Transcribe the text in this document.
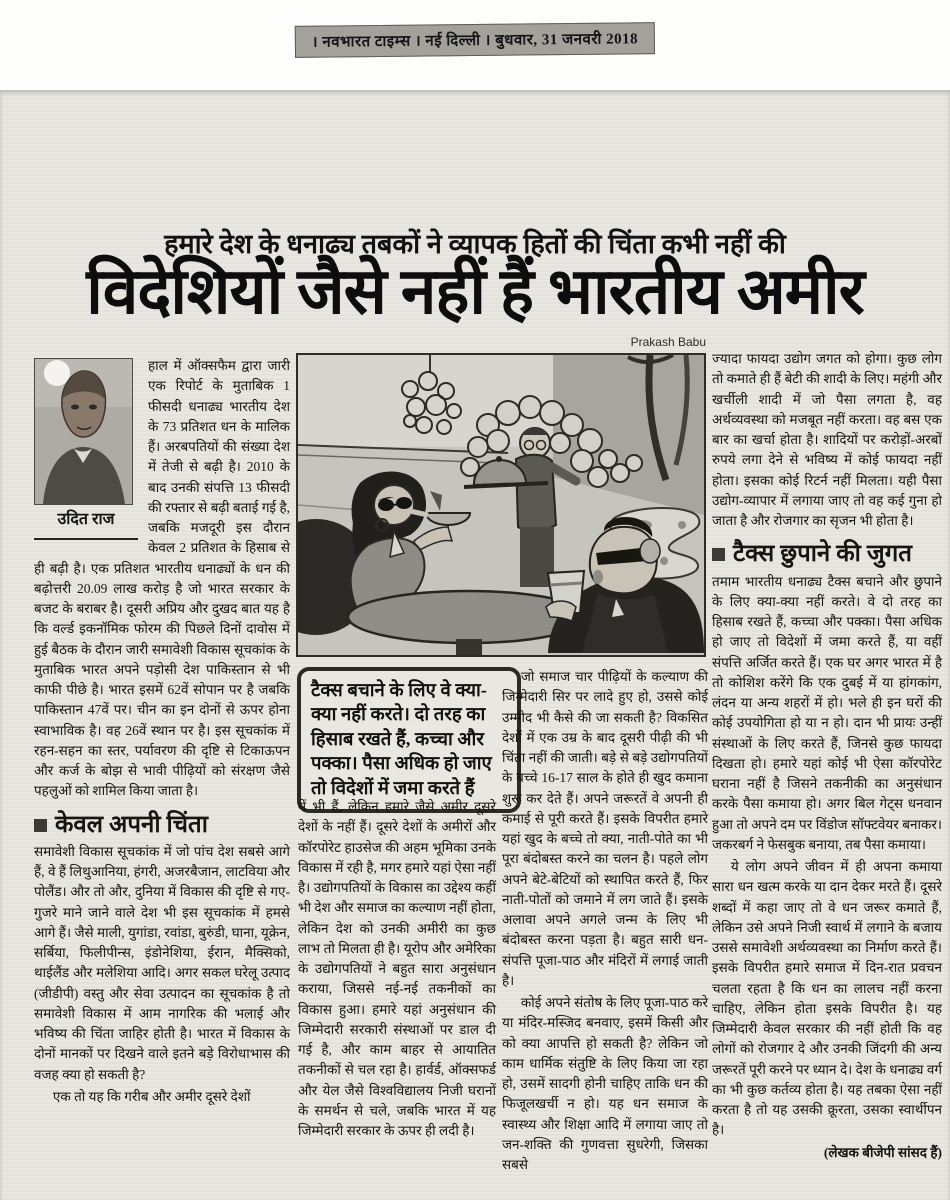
। नवभारत टाइम्स । नई दिल्ली । बुधवार, 31 जनवरी 2018
हमारे देश के धनाढ्य तबकों ने व्यापक हितों की चिंता कभी नहीं की
विदेशियों जैसे नहीं हैं भारतीय अमीर
Prakash Babu
उदित राज

हाल में ऑक्सफैम द्वारा जारी एक रिपोर्ट के मुताबिक 1 फीसदी धनाढ्य भारतीय देश के 73 प्रतिशत धन के मालिक हैं। अरबपतियों की संख्या देश में तेजी से बढ़ी है। 2010 के बाद उनकी संपत्ति 13 फीसदी की रफ्तार से बढ़ी बताई गई है, जबकि मजदूरी इस दौरान केवल 2 प्रतिशत के हिसाब से ही बढ़ी है। एक प्रतिशत भारतीय धनाढ्यों के धन की बढ़ोत्तरी 20.09 लाख करोड़ है जो भारत सरकार के बजट के बराबर है। दूसरी अप्रिय और दुखद बात यह है कि वर्ल्ड इकनॉमिक फोरम की पिछले दिनों दावोस में हुई बैठक के दौरान जारी समावेशी विकास सूचकांक के मुताबिक भारत अपने पड़ोसी देश पाकिस्तान से भी काफी पीछे है। भारत इसमें 62वें सोपान पर है जबकि पाकिस्तान 47वें पर। चीन का इन दोनों से ऊपर होना स्वाभाविक है। वह 26वें स्थान पर है। इस सूचकांक में रहन-सहन का स्तर, पर्यावरण की दृष्टि से टिकाऊपन और कर्ज के बोझ से भावी पीढ़ियों को संरक्षण जैसे पहलुओं को शामिल किया जाता है।

केवल अपनी चिंता

समावेशी विकास सूचकांक में जो पांच देश सबसे आगे हैं, वे हैं लिथुआनिया, हंगरी, अजरबैजान, लाटविया और पोलैंड। और तो और, दुनिया में विकास की दृष्टि से गए-गुजरे माने जाने वाले देश भी इस सूचकांक में हमसे आगे हैं। जैसे माली, युगांडा, रवांडा, बुरुंडी, घाना, यूक्रेन, सर्बिया, फिलीपीन्स, इंडोनेशिया, ईरान, मैक्सिको, थाईलैंड और मलेशिया आदि। अगर सकल घरेलू उत्पाद (जीडीपी) वस्तु और सेवा उत्पादन का सूचकांक है तो समावेशी विकास में आम नागरिक की भलाई और भविष्य की चिंता जाहिर होती है। भारत में विकास के दोनों मानकों पर दिखने वाले इतने बड़े विरोधाभास की वजह क्या हो सकती है?

एक तो यह कि गरीब और अमीर दूसरे देशों

टैक्स बचाने के लिए वे क्या-क्या नहीं करते। दो तरह का हिसाब रखते हैं, कच्चा और पक्का। पैसा अधिक हो जाए तो विदेशों में जमा करते हैं

में भी हैं, लेकिन हमारे जैसे अमीर दूसरे देशों के नहीं हैं। दूसरे देशों के अमीरों और कॉरपोरेट हाउसेज की अहम भूमिका उनके विकास में रही है, मगर हमारे यहां ऐसा नहीं है। उद्योगपतियों के विकास का उद्देश्य कहीं भी देश और समाज का कल्याण नहीं होता, लेकिन देश को उनकी अमीरी का कुछ लाभ तो मिलता ही है। यूरोप और अमेरिका के उद्योगपतियों ने बहुत सारा अनुसंधान कराया, जिससे नई-नई तकनीकों का विकास हुआ। हमारे यहां अनुसंधान की जिम्मेदारी सरकारी संस्थाओं पर डाल दी गई है, और काम बाहर से आयातित तकनीकों से चल रहा है। हार्वर्ड, ऑक्सफर्ड और येल जैसे विश्वविद्यालय निजी घरानों के समर्थन से चले, जबकि भारत में यह जिम्मेदारी सरकार के ऊपर ही लदी है।

जो समाज चार पीढ़ियों के कल्याण की जिम्मेदारी सिर पर लादे हुए हो, उससे कोई उम्मीद भी कैसे की जा सकती है? विकसित देशों में एक उम्र के बाद दूसरी पीढ़ी की भी चिंता नहीं की जाती। बड़े से बड़े उद्योगपतियों के बच्चे 16-17 साल के होते ही खुद कमाना शुरू कर देते हैं। अपने जरूरतें वे अपनी ही कमाई से पूरी करते हैं। इसके विपरीत हमारे यहां खुद के बच्चे तो क्या, नाती-पोते का भी पूरा बंदोबस्त करने का चलन है। पहले लोग अपने बेटे-बेटियों को स्थापित करते हैं, फिर नाती-पोतों को जमाने में लग जाते हैं। इसके अलावा अपने अगले जन्म के लिए भी बंदोबस्त करना पड़ता है। बहुत सारी धन-संपत्ति पूजा-पाठ और मंदिरों में लगाई जाती है।

कोई अपने संतोष के लिए पूजा-पाठ करे या मंदिर-मस्जिद बनवाए, इसमें किसी और को क्या आपत्ति हो सकती है? लेकिन जो काम धार्मिक संतुष्टि के लिए किया जा रहा हो, उसमें सादगी होनी चाहिए ताकि धन की फिजूलखर्ची न हो। यह धन समाज के स्वास्थ्य और शिक्षा आदि में लगाया जाए तो जन-शक्ति की गुणवत्ता सुधरेगी, जिसका सबसे

ज्यादा फायदा उद्योग जगत को होगा। कुछ लोग तो कमाते ही हैं बेटी की शादी के लिए। महंगी और खर्चीली शादी में जो पैसा लगता है, वह अर्थव्यवस्था को मजबूत नहीं करता। वह बस एक बार का खर्चा होता है। शादियों पर करोड़ों-अरबों रुपये लगा देने से भविष्य में कोई फायदा नहीं होता। इसका कोई रिटर्न नहीं मिलता। यही पैसा उद्योग-व्यापार में लगाया जाए तो वह कई गुना हो जाता है और रोजगार का सृजन भी होता है।

टैक्स छुपाने की जुगत

तमाम भारतीय धनाढ्य टैक्स बचाने और छुपाने के लिए क्या-क्या नहीं करते। वे दो तरह का हिसाब रखते हैं, कच्चा और पक्का। पैसा अधिक हो जाए तो विदेशों में जमा करते हैं, या वहीं संपत्ति अर्जित करते हैं। एक घर अगर भारत में है तो कोशिश करेंगे कि एक दुबई में या हांगकांग, लंदन या अन्य शहरों में हो। भले ही इन घरों की कोई उपयोगिता हो या न हो। दान भी प्रायः उन्हीं संस्थाओं के लिए करते हैं, जिनसे कुछ फायदा दिखता हो। हमारे यहां कोई भी ऐसा कॉरपोरेट घराना नहीं है जिसने तकनीकी का अनुसंधान करके पैसा कमाया हो। अगर बिल गेट्स धनवान हुआ तो अपने दम पर विंडोज सॉफ्टवेयर बनाकर। जकरबर्ग ने फेसबुक बनाया, तब पैसा कमाया।

ये लोग अपने जीवन में ही अपना कमाया सारा धन खत्म करके या दान देकर मरते हैं। दूसरे शब्दों में कहा जाए तो वे धन जरूर कमाते हैं, लेकिन उसे अपने निजी स्वार्थ में लगाने के बजाय उससे समावेशी अर्थव्यवस्था का निर्माण करते हैं। इसके विपरीत हमारे समाज में दिन-रात प्रवचन चलता रहता है कि धन का लालच नहीं करना चाहिए, लेकिन होता इसके विपरीत है। यह जिम्मेदारी केवल सरकार की नहीं होती कि वह लोगों को रोजगार दे और उनकी जिंदगी की अन्य जरूरतें पूरी करने पर ध्यान दे। देश के धनाढ्य वर्ग का भी कुछ कर्तव्य होता है। यह तबका ऐसा नहीं करता है तो यह उसकी क्रूरता, उसका स्वार्थीपन है।

(लेखक बीजेपी सांसद हैं)
